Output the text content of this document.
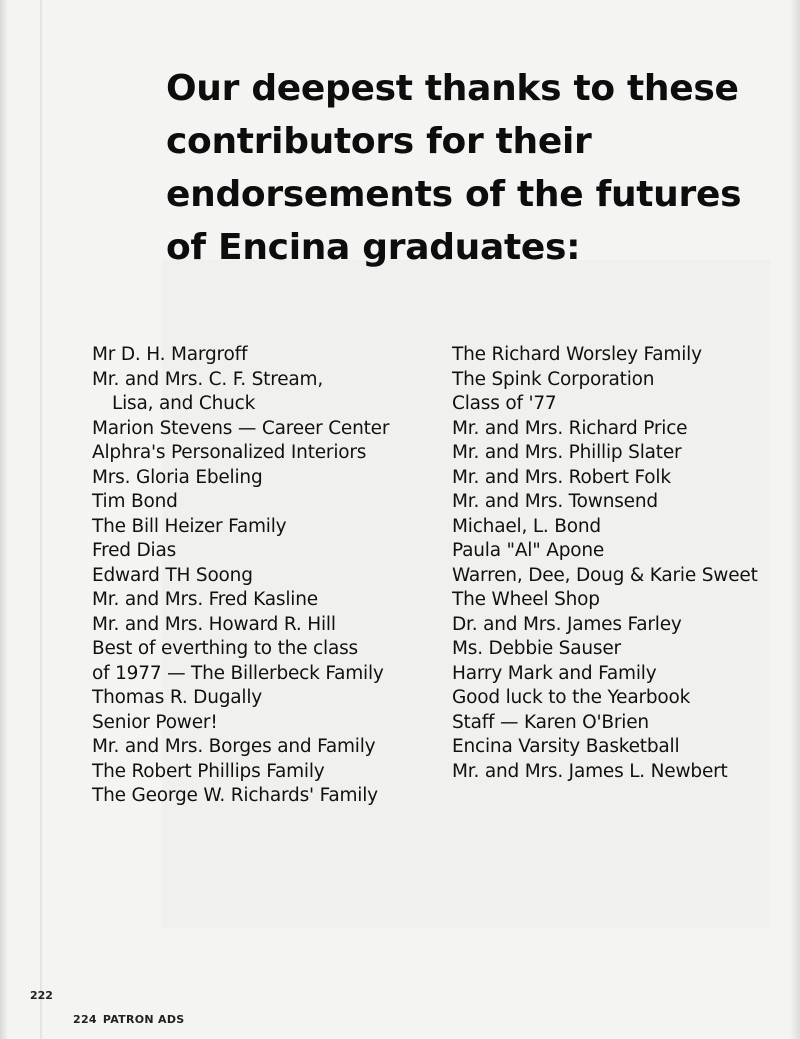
Our deepest thanks to these
contributors for their
endorsements of the futures
of Encina graduates:
Mr D. H. Margroff
Mr. and Mrs. C. F. Stream,
Lisa, and Chuck
Marion Stevens — Career Center
Alphra's Personalized Interiors
Mrs. Gloria Ebeling
Tim Bond
The Bill Heizer Family
Fred Dias
Edward TH Soong
Mr. and Mrs. Fred Kasline
Mr. and Mrs. Howard R. Hill
Best of everthing to the class
of 1977 — The Billerbeck Family
Thomas R. Dugally
Senior Power!
Mr. and Mrs. Borges and Family
The Robert Phillips Family
The George W. Richards' Family
The Richard Worsley Family
The Spink Corporation
Class of '77
Mr. and Mrs. Richard Price
Mr. and Mrs. Phillip Slater
Mr. and Mrs. Robert Folk
Mr. and Mrs. Townsend
Michael, L. Bond
Paula "Al" Apone
Warren, Dee, Doug & Karie Sweet
The Wheel Shop
Dr. and Mrs. James Farley
Ms. Debbie Sauser
Harry Mark and Family
Good luck to the Yearbook
Staff — Karen O'Brien
Encina Varsity Basketball
Mr. and Mrs. James L. Newbert
222
224 PATRON ADS
